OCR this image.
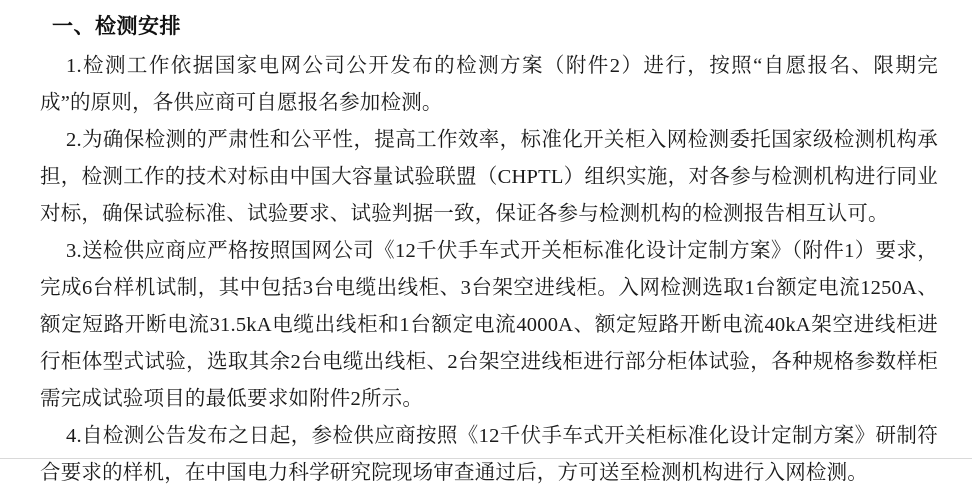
一、检测安排

1.检测工作依据国家电网公司公开发布的检测方案（附件2）进行，按照“自愿报名、限期完成”的原则，各供应商可自愿报名参加检测。

2.为确保检测的严肃性和公平性，提高工作效率，标准化开关柜入网检测委托国家级检测机构承担，检测工作的技术对标由中国大容量试验联盟（CHPTL）组织实施，对各参与检测机构进行同业对标，确保试验标准、试验要求、试验判据一致，保证各参与检测机构的检测报告相互认可。

3.送检供应商应严格按照国网公司《12千伏手车式开关柜标准化设计定制方案》（附件1）要求，完成6台样机试制，其中包括3台电缆出线柜、3台架空进线柜。入网检测选取1台额定电流1250A、额定短路开断电流31.5kA电缆出线柜和1台额定电流4000A、额定短路开断电流40kA架空进线柜进行柜体型式试验，选取其余2台电缆出线柜、2台架空进线柜进行部分柜体试验，各种规格参数样柜需完成试验项目的最低要求如附件2所示。

4.自检测公告发布之日起，参检供应商按照《12千伏手车式开关柜标准化设计定制方案》研制符合要求的样机，在中国电力科学研究院现场审查通过后，方可送至检测机构进行入网检测。
